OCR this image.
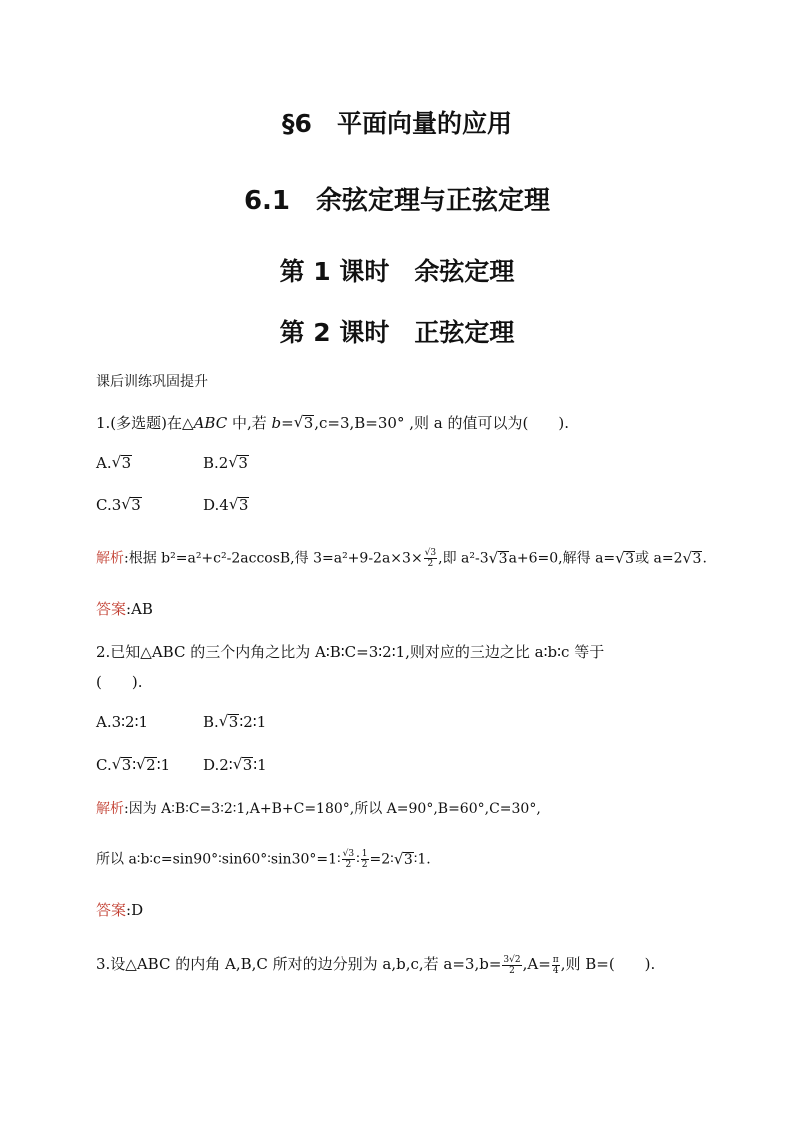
§6　平面向量的应用
6.1　余弦定理与正弦定理
第 1 课时　余弦定理
第 2 课时　正弦定理
课后训练巩固提升
1.(多选题)在△ABC 中,若 b= √ 3,c=3,B=30° ,则 a 的值可以为(　　).
A. √ 3	B.2 √ 3
C.3 √ 3	D.4 √ 3
解析:根据 b²=a²+c²-2accosB,得 $3=a^2+9-2a\times 3\times \frac{√3}{2}$ ,即 a²-3 √ 3a+6=0,解得 a= √ 3或 a=2 √ 3.
答案:AB
2.已知△ABC 的三个内角之比为 A∶B∶C=3∶2∶1,则对应的三边之比 a∶b∶c 等于
(　　).
A.3∶2∶1	B. √ 3∶2∶1
C. √ 3∶ √ 2∶1 D.2∶ √ 3∶1
解析:因为 A∶B∶C=3∶2∶1,A+B+C=180°,所以 A=90°,B=60°,C=30°,
所以 a∶b∶c=sin90°∶sin60°∶sin30°=1∶ $\frac{√3}{2}$ ∶ $\frac{1}{2}$ =2∶ √ 3∶1.
答案:D
3.设△ABC 的内角 A,B,C 所对的边分别为 a,b,c,若 $a=3,b= \frac{3√2}{2} ,A= \frac{\pi}{4}$ ,则 B=(　　).
